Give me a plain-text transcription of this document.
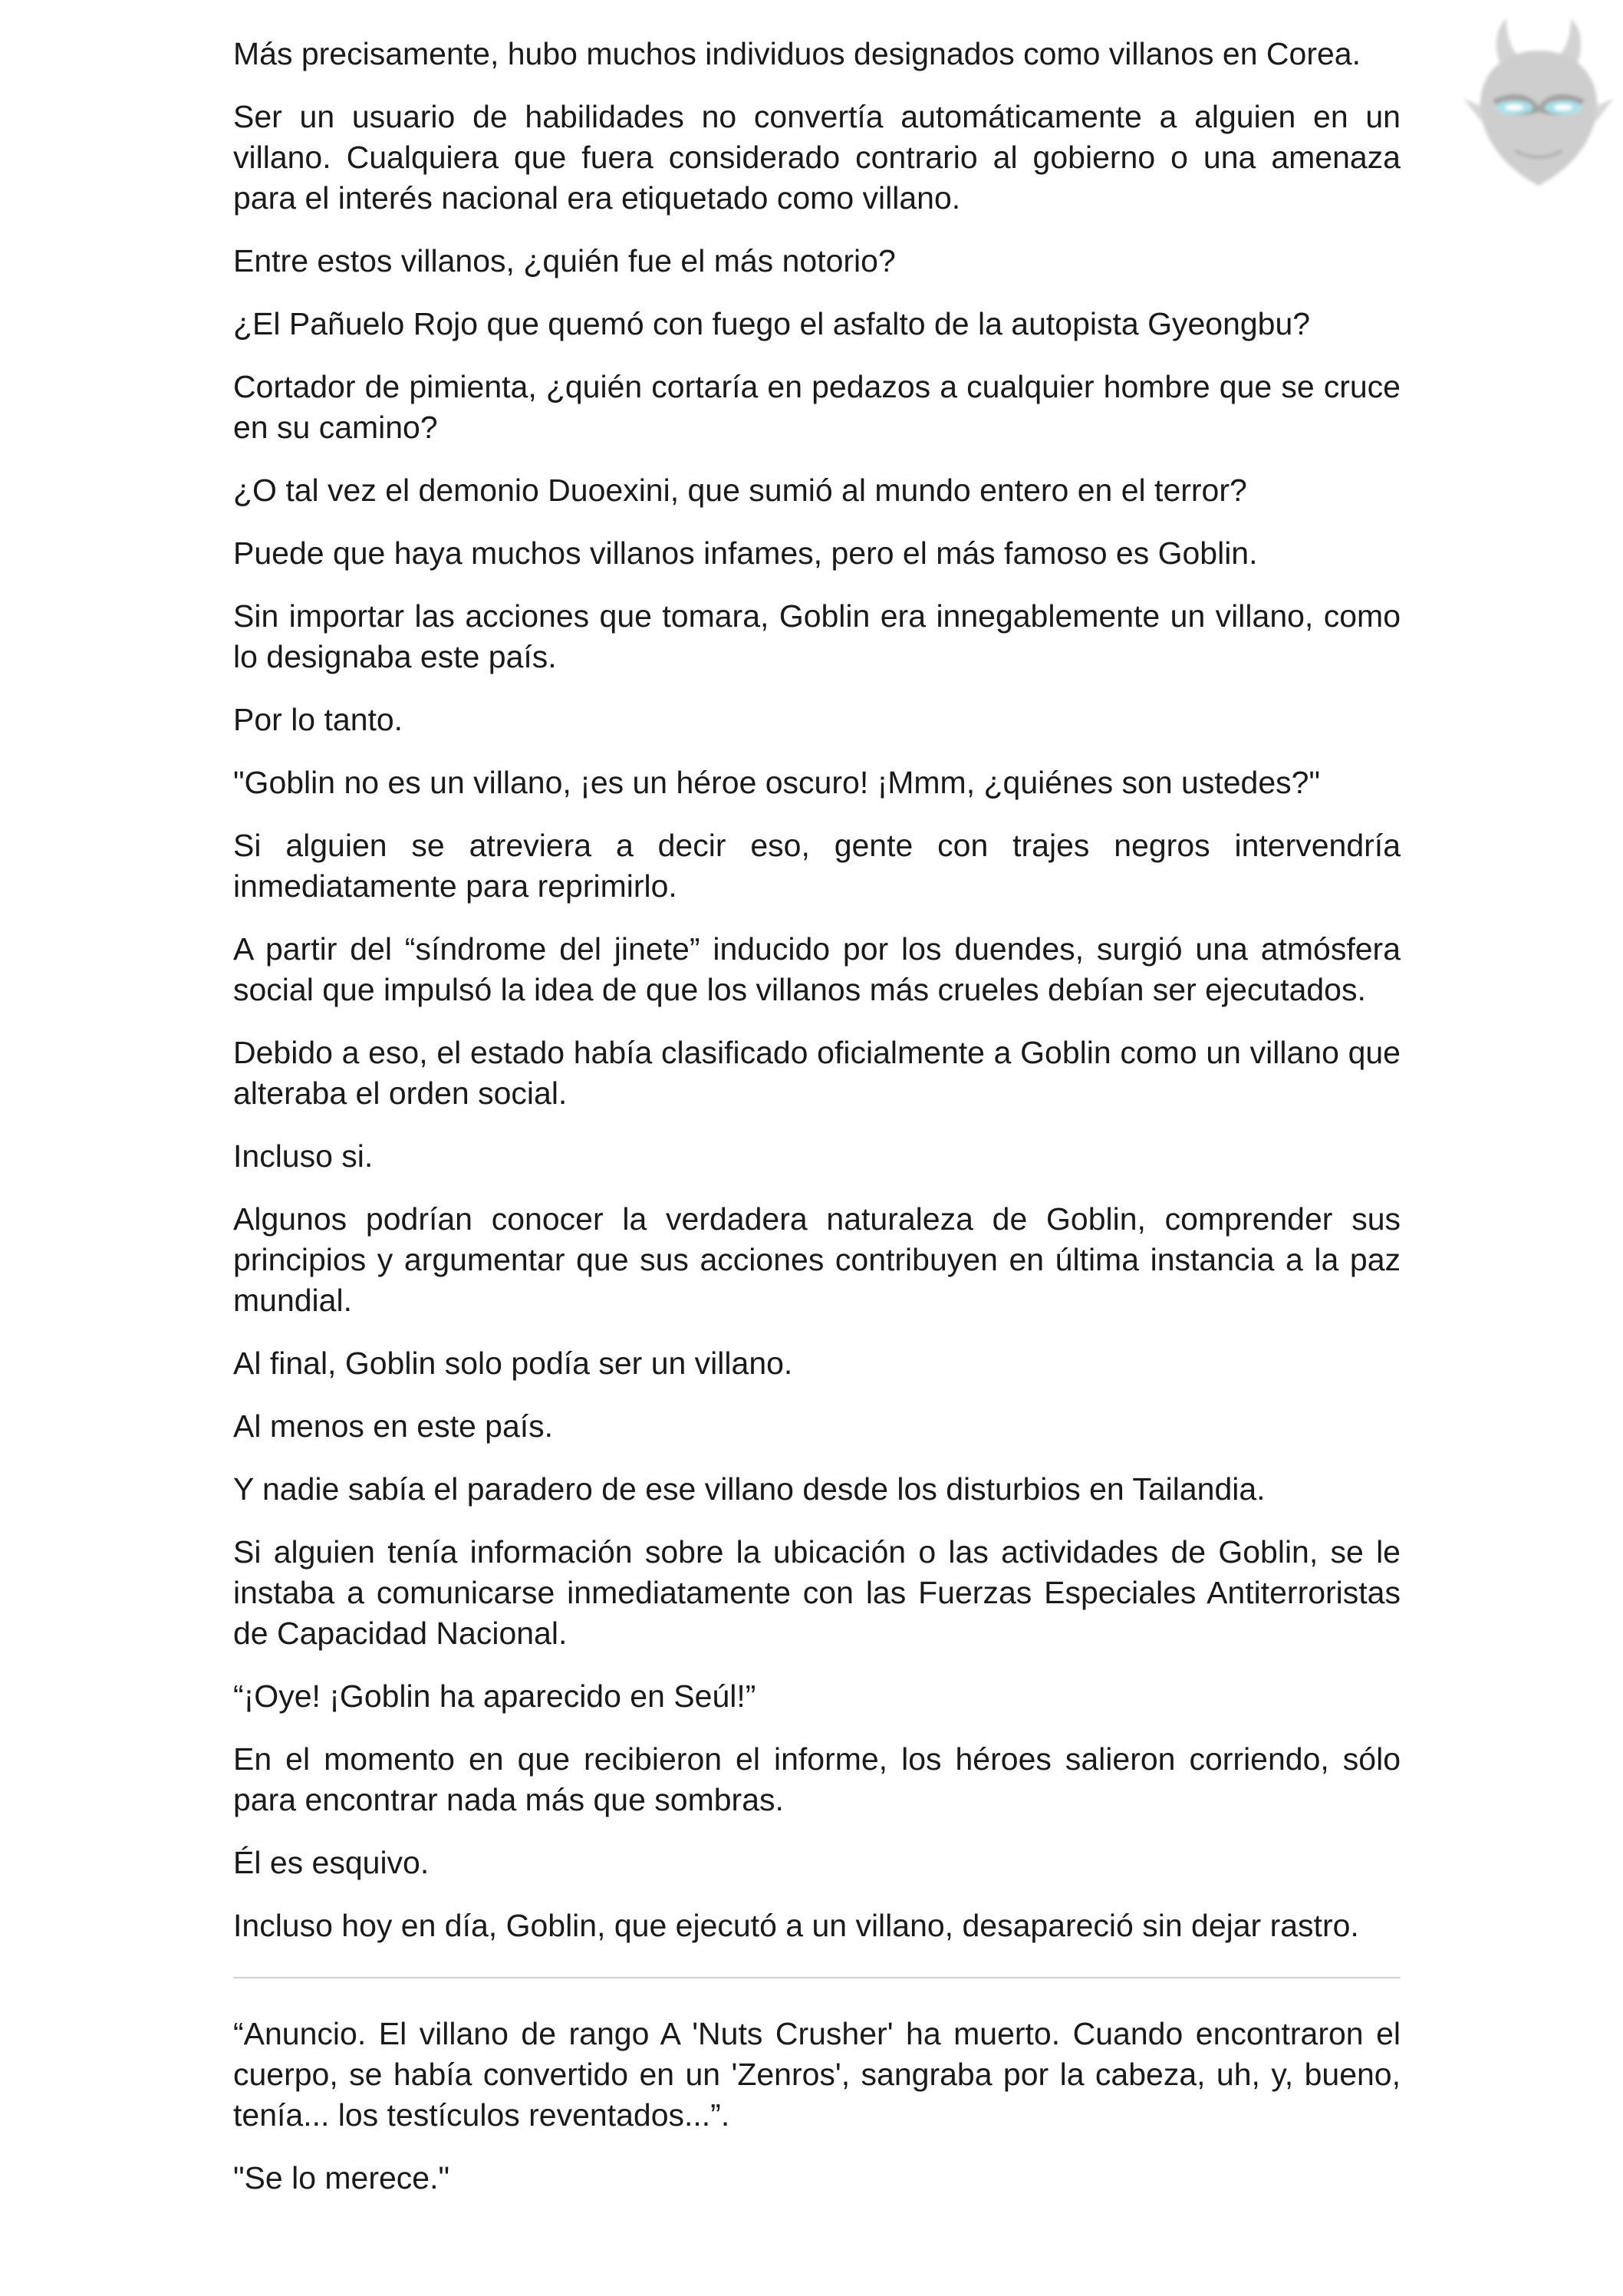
Más precisamente, hubo muchos individuos designados como villanos en Corea.

Ser un usuario de habilidades no convertía automáticamente a alguien en un villano. Cualquiera que fuera considerado contrario al gobierno o una amenaza para el interés nacional era etiquetado como villano.

Entre estos villanos, ¿quién fue el más notorio?

¿El Pañuelo Rojo que quemó con fuego el asfalto de la autopista Gyeongbu?

Cortador de pimienta, ¿quién cortaría en pedazos a cualquier hombre que se cruce en su camino?

¿O tal vez el demonio Duoexini, que sumió al mundo entero en el terror?

Puede que haya muchos villanos infames, pero el más famoso es Goblin.

Sin importar las acciones que tomara, Goblin era innegablemente un villano, como lo designaba este país.

Por lo tanto.

"Goblin no es un villano, ¡es un héroe oscuro! ¡Mmm, ¿quiénes son ustedes?"

Si alguien se atreviera a decir eso, gente con trajes negros intervendría inmediatamente para reprimirlo.

A partir del “síndrome del jinete” inducido por los duendes, surgió una atmósfera social que impulsó la idea de que los villanos más crueles debían ser ejecutados.

Debido a eso, el estado había clasificado oficialmente a Goblin como un villano que alteraba el orden social.

Incluso si.

Algunos podrían conocer la verdadera naturaleza de Goblin, comprender sus principios y argumentar que sus acciones contribuyen en última instancia a la paz mundial.

Al final, Goblin solo podía ser un villano.

Al menos en este país.

Y nadie sabía el paradero de ese villano desde los disturbios en Tailandia.

Si alguien tenía información sobre la ubicación o las actividades de Goblin, se le instaba a comunicarse inmediatamente con las Fuerzas Especiales Antiterroristas de Capacidad Nacional.

“¡Oye! ¡Goblin ha aparecido en Seúl!”

En el momento en que recibieron el informe, los héroes salieron corriendo, sólo para encontrar nada más que sombras.

Él es esquivo.

Incluso hoy en día, Goblin, que ejecutó a un villano, desapareció sin dejar rastro.

“Anuncio. El villano de rango A 'Nuts Crusher' ha muerto. Cuando encontraron el cuerpo, se había convertido en un 'Zenros', sangraba por la cabeza, uh, y, bueno, tenía... los testículos reventados...”.

"Se lo merece."
